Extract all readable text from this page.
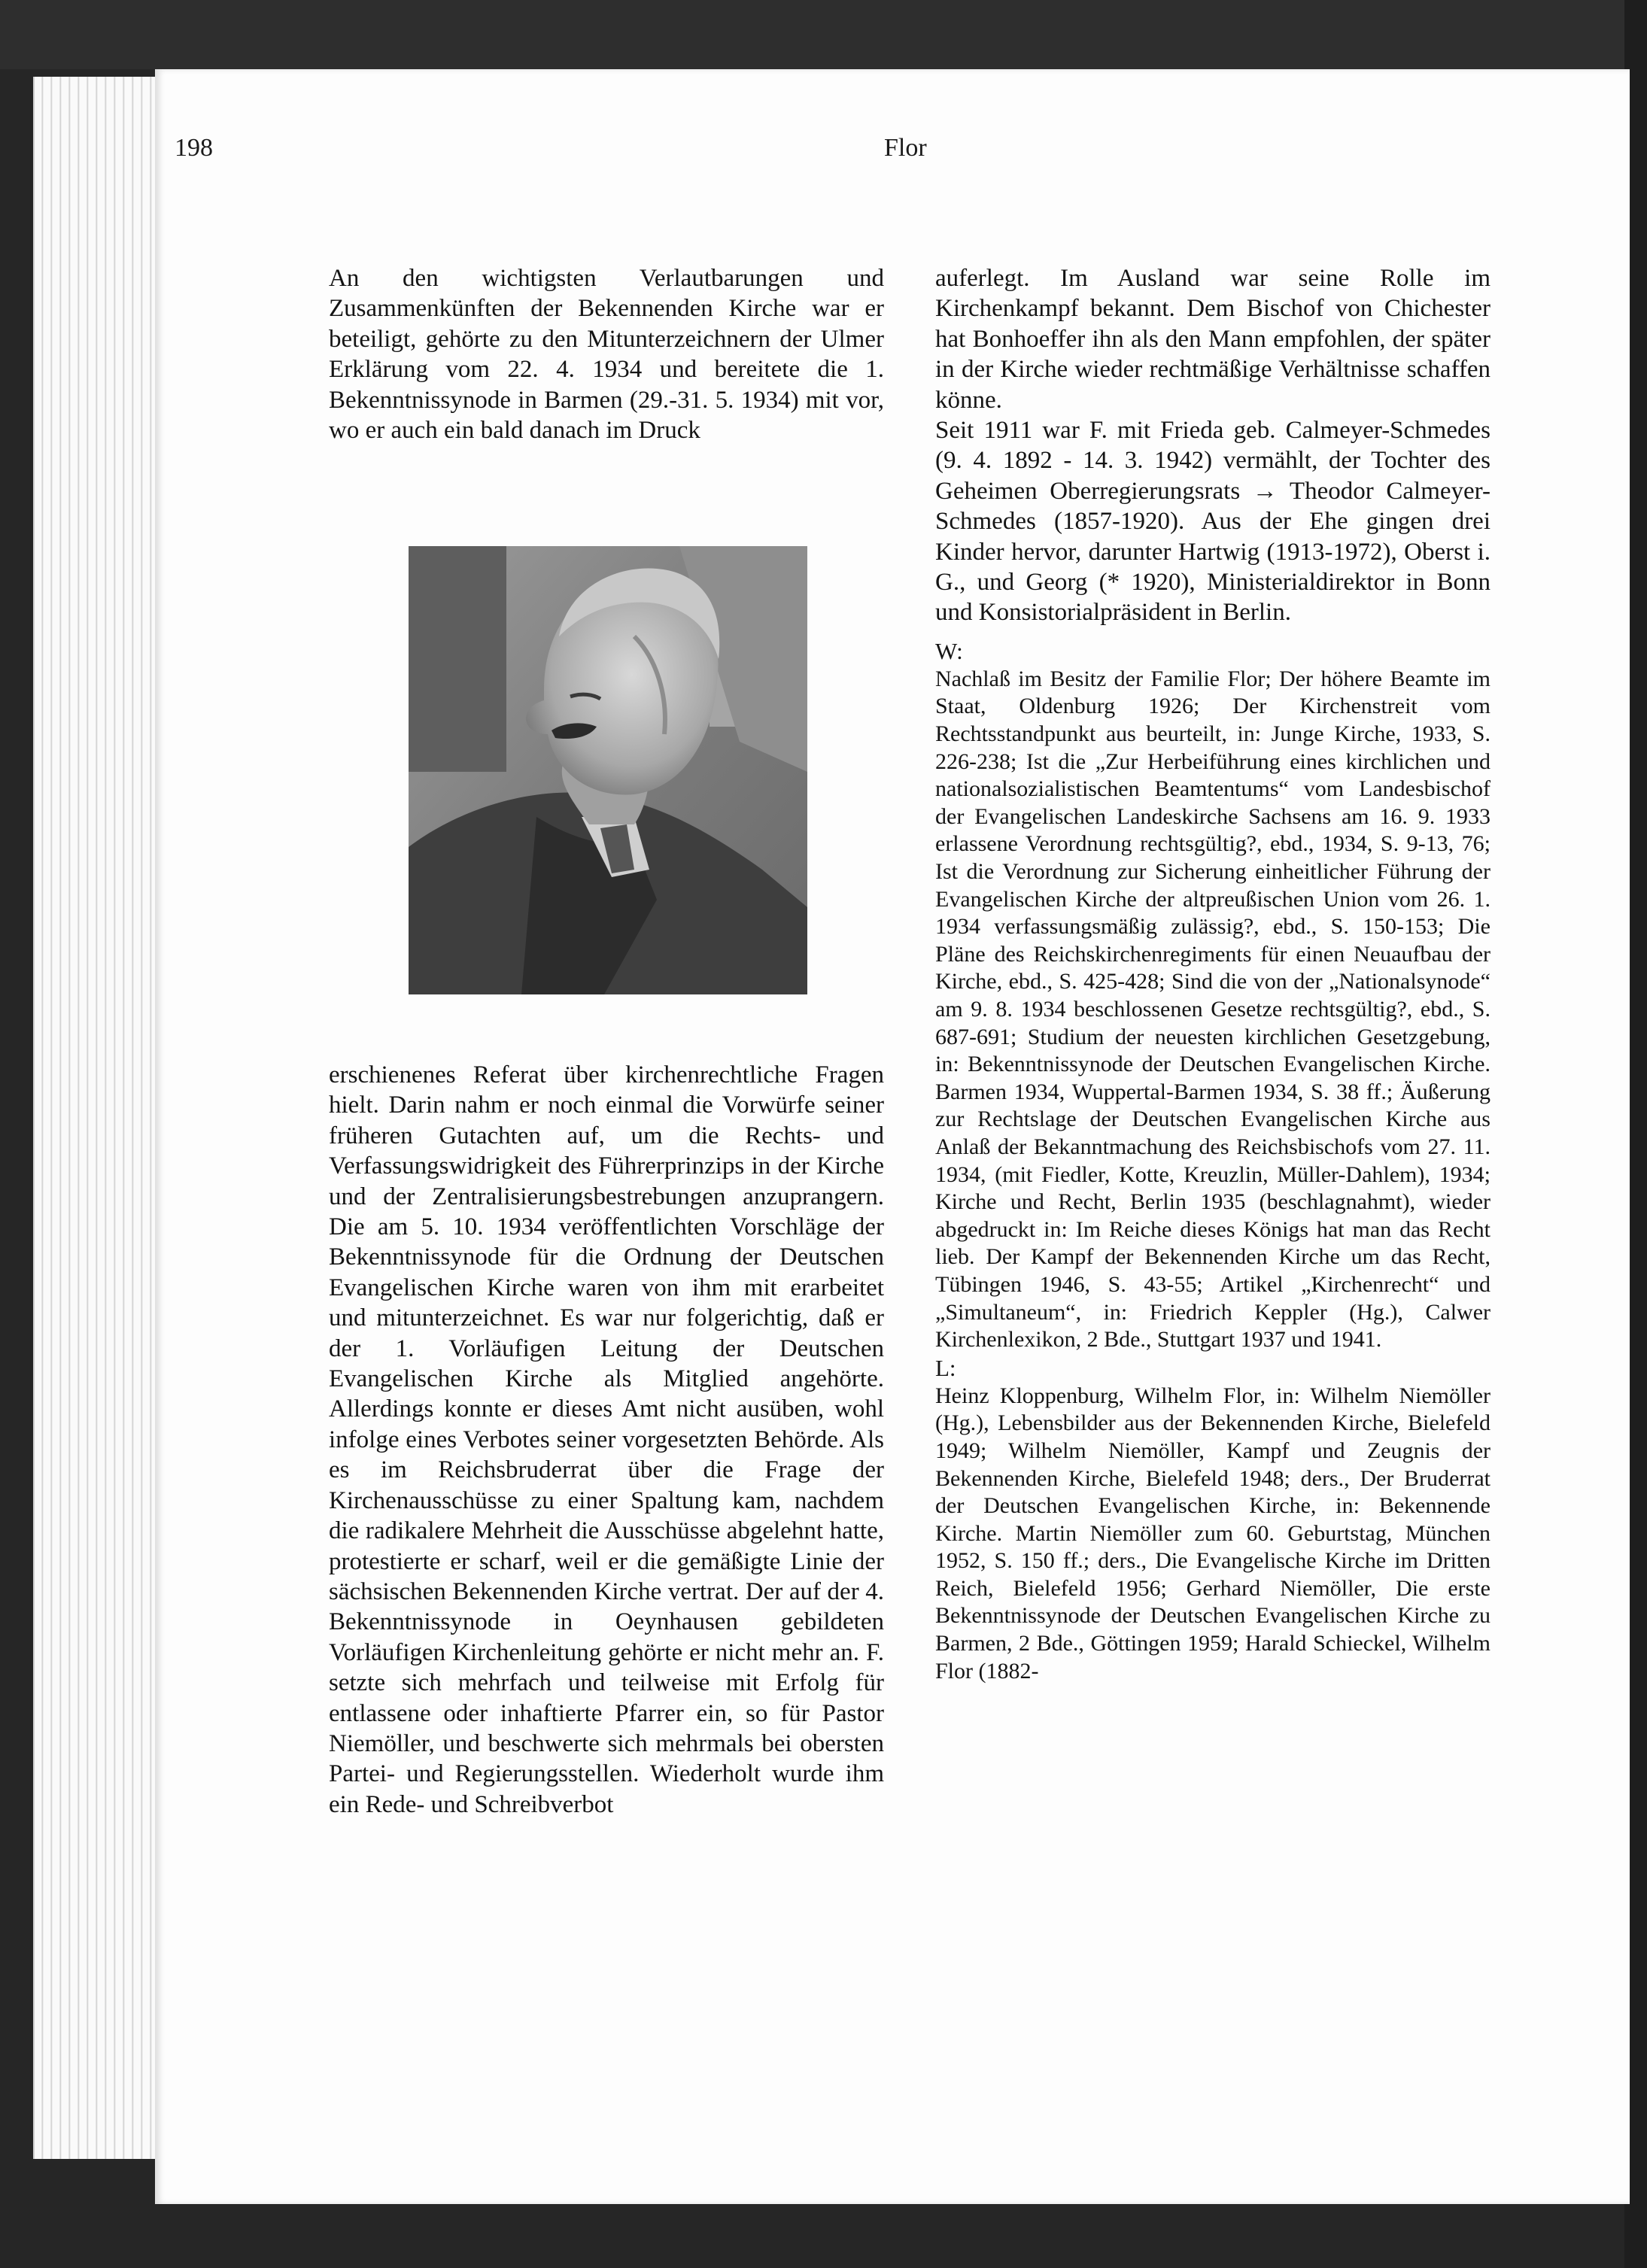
198	Flor

An den wichtigsten Verlautbarungen und Zusammenkünften der Bekennenden Kirche war er beteiligt, gehörte zu den Mitunterzeichnern der Ulmer Erklärung vom 22. 4. 1934 und bereitete die 1. Bekenntnissynode in Barmen (29.-31. 5. 1934) mit vor, wo er auch ein bald danach im Druck

erschienenes Referat über kirchenrechtliche Fragen hielt. Darin nahm er noch einmal die Vorwürfe seiner früheren Gutachten auf, um die Rechts- und Verfassungswidrigkeit des Führerprinzips in der Kirche und der Zentralisierungsbestrebungen anzuprangern. Die am 5. 10. 1934 veröffentlichten Vorschläge der Bekenntnissynode für die Ordnung der Deutschen Evangelischen Kirche waren von ihm mit erarbeitet und mitunterzeichnet. Es war nur folgerichtig, daß er der 1. Vorläufigen Leitung der Deutschen Evangelischen Kirche als Mitglied angehörte. Allerdings konnte er dieses Amt nicht ausüben, wohl infolge eines Verbotes seiner vorgesetzten Behörde. Als es im Reichsbruderrat über die Frage der Kirchenausschüsse zu einer Spaltung kam, nachdem die radikalere Mehrheit die Ausschüsse abgelehnt hatte, protestierte er scharf, weil er die gemäßigte Linie der sächsischen Bekennenden Kirche vertrat. Der auf der 4. Bekenntnissynode in Oeynhausen gebildeten Vorläufigen Kirchenleitung gehörte er nicht mehr an. F. setzte sich mehrfach und teilweise mit Erfolg für entlassene oder inhaftierte Pfarrer ein, so für Pastor Niemöller, und beschwerte sich mehrmals bei obersten Partei- und Regierungsstellen. Wiederholt wurde ihm ein Rede- und Schreibverbot

auferlegt. Im Ausland war seine Rolle im Kirchenkampf bekannt. Dem Bischof von Chichester hat Bonhoeffer ihn als den Mann empfohlen, der später in der Kirche wieder rechtmäßige Verhältnisse schaffen könne.

Seit 1911 war F. mit Frieda geb. Calmeyer-Schmedes (9. 4. 1892 - 14. 3. 1942) vermählt, der Tochter des Geheimen Oberregierungsrats → Theodor Calmeyer-Schmedes (1857-1920). Aus der Ehe gingen drei Kinder hervor, darunter Hartwig (1913-1972), Oberst i. G., und Georg (* 1920), Ministerialdirektor in Bonn und Konsistorialpräsident in Berlin.

W:

Nachlaß im Besitz der Familie Flor; Der höhere Beamte im Staat, Oldenburg 1926; Der Kirchenstreit vom Rechtsstandpunkt aus beurteilt, in: Junge Kirche, 1933, S. 226-238; Ist die „Zur Herbeiführung eines kirchlichen und nationalsozialistischen Beamtentums“ vom Landesbischof der Evangelischen Landeskirche Sachsens am 16. 9. 1933 erlassene Verordnung rechtsgültig?, ebd., 1934, S. 9-13, 76; Ist die Verordnung zur Sicherung einheitlicher Führung der Evangelischen Kirche der altpreußischen Union vom 26. 1. 1934 verfassungsmäßig zulässig?, ebd., S. 150-153; Die Pläne des Reichskirchenregiments für einen Neuaufbau der Kirche, ebd., S. 425-428; Sind die von der „Nationalsynode“ am 9. 8. 1934 beschlossenen Gesetze rechtsgültig?, ebd., S. 687-691; Studium der neuesten kirchlichen Gesetzgebung, in: Bekenntnissynode der Deutschen Evangelischen Kirche. Barmen 1934, Wuppertal-Barmen 1934, S. 38 ff.; Äußerung zur Rechtslage der Deutschen Evangelischen Kirche aus Anlaß der Bekanntmachung des Reichsbischofs vom 27. 11. 1934, (mit Fiedler, Kotte, Kreuzlin, Müller-Dahlem), 1934; Kirche und Recht, Berlin 1935 (beschlagnahmt), wieder abgedruckt in: Im Reiche dieses Königs hat man das Recht lieb. Der Kampf der Bekennenden Kirche um das Recht, Tübingen 1946, S. 43-55; Artikel „Kirchenrecht“ und „Simultaneum“, in: Friedrich Keppler (Hg.), Calwer Kirchenlexikon, 2 Bde., Stuttgart 1937 und 1941.

L:

Heinz Kloppenburg, Wilhelm Flor, in: Wilhelm Niemöller (Hg.), Lebensbilder aus der Bekennenden Kirche, Bielefeld 1949; Wilhelm Niemöller, Kampf und Zeugnis der Bekennenden Kirche, Bielefeld 1948; ders., Der Bruderrat der Deutschen Evangelischen Kirche, in: Bekennende Kirche. Martin Niemöller zum 60. Geburtstag, München 1952, S. 150 ff.; ders., Die Evangelische Kirche im Dritten Reich, Bielefeld 1956; Gerhard Niemöller, Die erste Bekenntnissynode der Deutschen Evangelischen Kirche zu Barmen, 2 Bde., Göttingen 1959; Harald Schieckel, Wilhelm Flor (1882-
